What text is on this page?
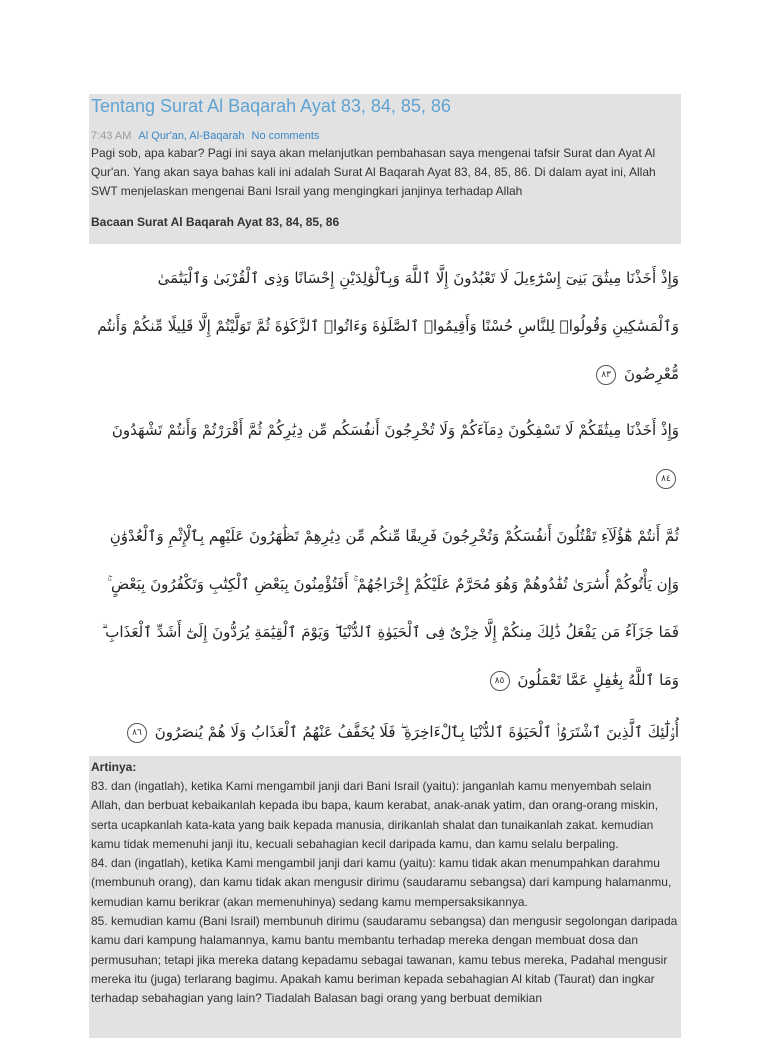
Tentang Surat Al Baqarah Ayat 83, 84, 85, 86
7:43 AM Al Qur'an, Al-Baqarah No comments
Pagi sob, apa kabar? Pagi ini saya akan melanjutkan pembahasan saya mengenai tafsir Surat dan Ayat Al Qur'an. Yang akan saya bahas kali ini adalah Surat Al Baqarah Ayat 83, 84, 85, 86. Di dalam ayat ini, Allah SWT menjelaskan mengenai Bani Israil yang mengingkari janjinya terhadap Allah
Bacaan Surat Al Baqarah Ayat 83, 84, 85, 86

وَإِذْ أَخَذْنَا مِيثَٰقَ بَنِىٓ إِسْرَٰٓءِيلَ لَا تَعْبُدُونَ إِلَّا ٱللَّهَ وَبِٱلْوَٰلِدَيْنِ إِحْسَانًا وَذِى ٱلْقُرْبَىٰ وَٱلْيَتَٰمَىٰ وَٱلْمَسَٰكِينِ وَقُولُوا۟ لِلنَّاسِ حُسْنًا وَأَقِيمُوا۟ ٱلصَّلَوٰةَ وَءَاتُوا۟ ٱلزَّكَوٰةَ ثُمَّ تَوَلَّيْتُمْ إِلَّا قَلِيلًا مِّنكُمْ وَأَنتُم مُّعْرِضُونَ ٨٣

وَإِذْ أَخَذْنَا مِيثَٰقَكُمْ لَا تَسْفِكُونَ دِمَآءَكُمْ وَلَا تُخْرِجُونَ أَنفُسَكُم مِّن دِيَٰرِكُمْ ثُمَّ أَقْرَرْتُمْ وَأَنتُمْ تَشْهَدُونَ ٨٤

ثُمَّ أَنتُمْ هَٰٓؤُلَآءِ تَقْتُلُونَ أَنفُسَكُمْ وَتُخْرِجُونَ فَرِيقًا مِّنكُم مِّن دِيَٰرِهِمْ تَظَٰهَرُونَ عَلَيْهِم بِٱلْإِثْمِ وَٱلْعُدْوَٰنِ وَإِن يَأْتُوكُمْ أُسَٰرَىٰ تُفَٰدُوهُمْ وَهُوَ مُحَرَّمٌ عَلَيْكُمْ إِخْرَاجُهُمْ ۚ أَفَتُؤْمِنُونَ بِبَعْضِ ٱلْكِتَٰبِ وَتَكْفُرُونَ بِبَعْضٍ ۚ فَمَا جَزَآءُ مَن يَفْعَلُ ذَٰلِكَ مِنكُمْ إِلَّا خِزْىٌ فِى ٱلْحَيَوٰةِ ٱلدُّنْيَا ۖ وَيَوْمَ ٱلْقِيَٰمَةِ يُرَدُّونَ إِلَىٰٓ أَشَدِّ ٱلْعَذَابِ ۗ وَمَا ٱللَّهُ بِغَٰفِلٍ عَمَّا تَعْمَلُونَ ٨٥

أُو۟لَٰٓئِكَ ٱلَّذِينَ ٱشْتَرَوُا۟ ٱلْحَيَوٰةَ ٱلدُّنْيَا بِٱلْءَاخِرَةِ ۖ فَلَا يُخَفَّفُ عَنْهُمُ ٱلْعَذَابُ وَلَا هُمْ يُنصَرُونَ ٨٦

Artinya:

83. dan (ingatlah), ketika Kami mengambil janji dari Bani Israil (yaitu): janganlah kamu menyembah selain Allah, dan berbuat kebaikanlah kepada ibu bapa, kaum kerabat, anak-anak yatim, dan orang-orang miskin, serta ucapkanlah kata-kata yang baik kepada manusia, dirikanlah shalat dan tunaikanlah zakat. kemudian kamu tidak memenuhi janji itu, kecuali sebahagian kecil daripada kamu, dan kamu selalu berpaling.
84. dan (ingatlah), ketika Kami mengambil janji dari kamu (yaitu): kamu tidak akan menumpahkan darahmu (membunuh orang), dan kamu tidak akan mengusir dirimu (saudaramu sebangsa) dari kampung halamanmu, kemudian kamu berikrar (akan memenuhinya) sedang kamu mempersaksikannya.
85. kemudian kamu (Bani Israil) membunuh dirimu (saudaramu sebangsa) dan mengusir segolongan daripada kamu dari kampung halamannya, kamu bantu membantu terhadap mereka dengan membuat dosa dan permusuhan; tetapi jika mereka datang kepadamu sebagai tawanan, kamu tebus mereka, Padahal mengusir mereka itu (juga) terlarang bagimu. Apakah kamu beriman kepada sebahagian Al kitab (Taurat) dan ingkar terhadap sebahagian yang lain? Tiadalah Balasan bagi orang yang berbuat demikian
